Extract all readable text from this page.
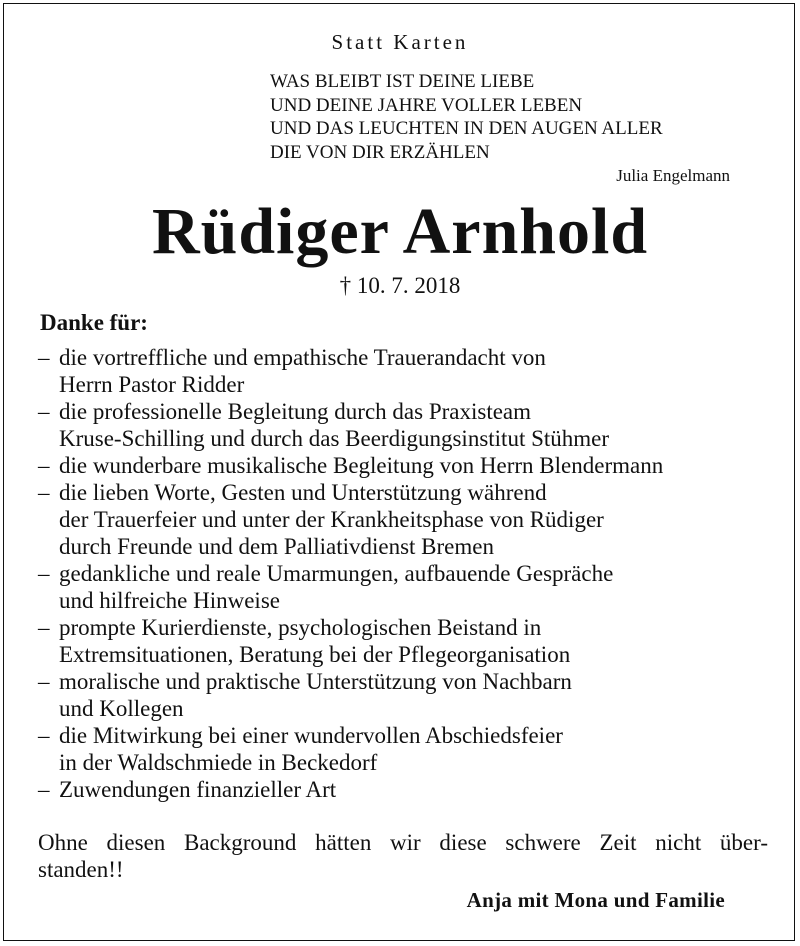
Statt Karten
WAS BLEIBT IST DEINE LIEBE
UND DEINE JAHRE VOLLER LEBEN
UND DAS LEUCHTEN IN DEN AUGEN ALLER
DIE VON DIR ERZÄHLEN
Julia Engelmann
Rüdiger Arnhold
† 10. 7. 2018
Danke für:
– die vortreffliche und empathische Trauerandacht von
Herrn Pastor Ridder
– die professionelle Begleitung durch das Praxisteam
Kruse-Schilling und durch das Beerdigungsinstitut Stühmer
– die wunderbare musikalische Begleitung von Herrn Blendermann
– die lieben Worte, Gesten und Unterstützung während
der Trauerfeier und unter der Krankheitsphase von Rüdiger
durch Freunde und dem Palliativdienst Bremen
– gedankliche und reale Umarmungen, aufbauende Gespräche
und hilfreiche Hinweise
– prompte Kurierdienste, psychologischen Beistand in
Extremsituationen, Beratung bei der Pflegeorganisation
– moralische und praktische Unterstützung von Nachbarn
und Kollegen
– die Mitwirkung bei einer wundervollen Abschiedsfeier
in der Waldschmiede in Beckedorf
– Zuwendungen finanzieller Art
Ohne diesen Background hätten wir diese schwere Zeit nicht über-
standen!!
Anja mit Mona und Familie
